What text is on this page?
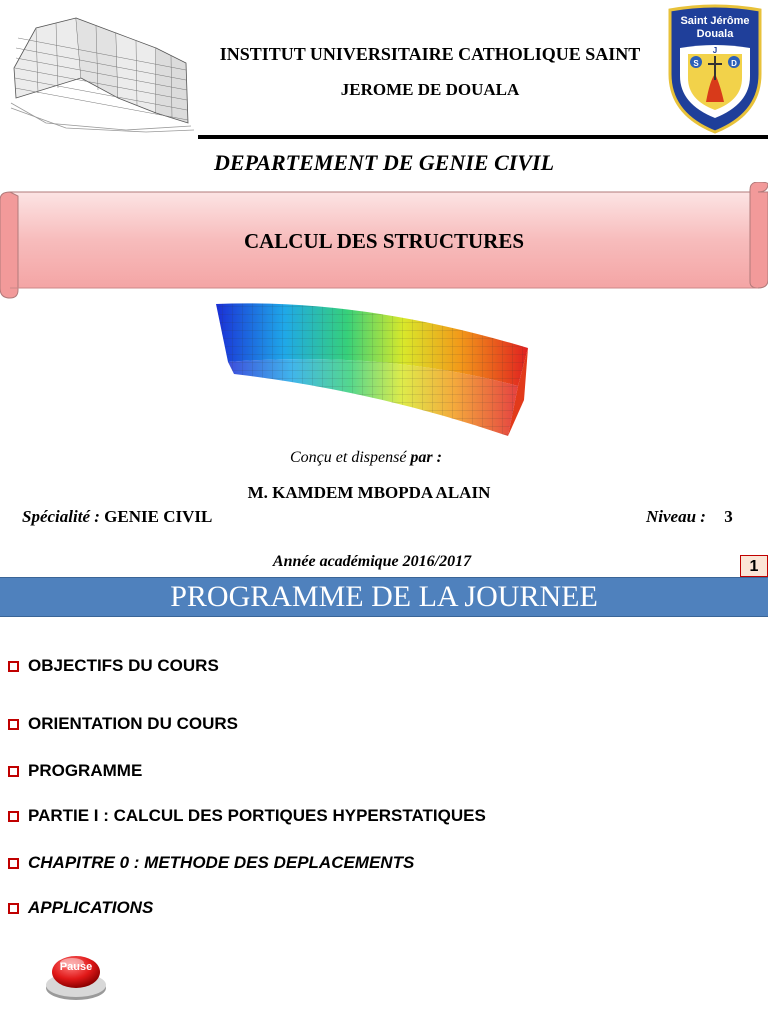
INSTITUT UNIVERSITAIRE CATHOLIQUE SAINT
JEROME DE DOUALA
Saint Jérôme
Douala
S
J
D
DEPARTEMENT DE GENIE CIVIL
CALCUL DES STRUCTURES
Conçu et dispensé par :
M. KAMDEM MBOPDA ALAIN
Spécialité : GENIE CIVIL	Niveau : 3
Année académique 2016/2017	1
PROGRAMME DE LA JOURNEE
OBJECTIFS DU COURS
ORIENTATION DU COURS
PROGRAMME
PARTIE I : CALCUL DES PORTIQUES HYPERSTATIQUES
CHAPITRE 0 : METHODE DES DEPLACEMENTS
APPLICATIONS
Pause
